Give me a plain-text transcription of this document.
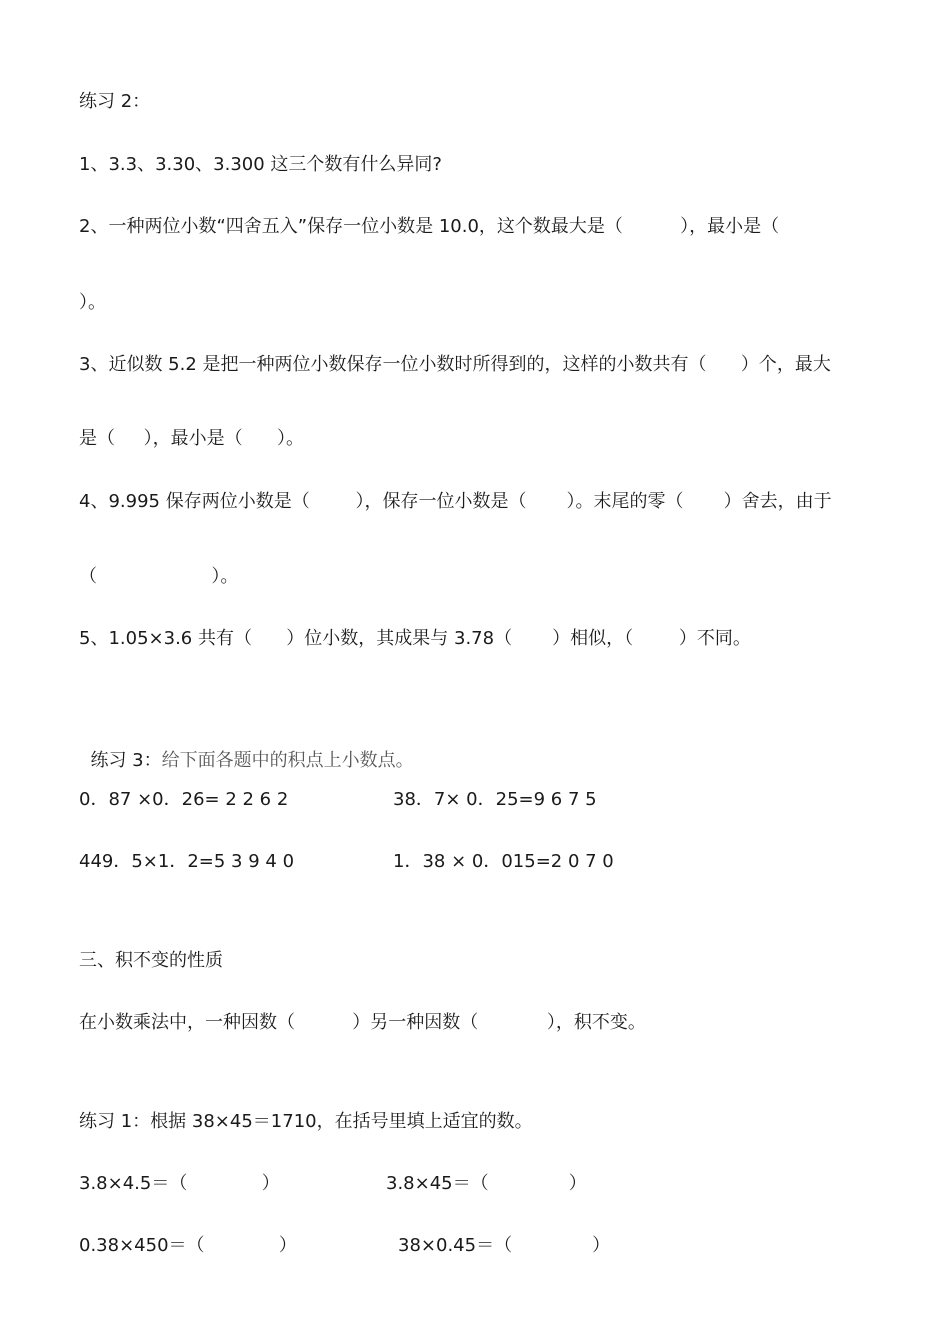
练习 2：
1、3.3、3.30、3.300 这三个数有什么异同?
2、一种两位小数“四舍五入”保存一位小数是 10.0，这个数最大是（          ），最小是（
）。
3、近似数 5.2 是把一种两位小数保存一位小数时所得到的，这样的小数共有（      ）个，最大
是（     ），最小是（      ）。
4、9.995 保存两位小数是（        ），保存一位小数是（       ）。末尾的零（       ）舍去，由于
（                    ）。
5、1.05×3.6 共有（      ）位小数，其成果与 3.78（       ）相似，（        ）不同。

练习 3：给下面各题中的积点上小数点。

0．87 ×0．26= 2 2 6 2	38．7× 0．25=9 6 7 5
449．5×1．2=5 3 9 4 0	1．38 × 0．015=2 0 7 0
三、积不变的性质
在小数乘法中，一种因数（          ）另一种因数（            ），积不变。
练习 1：根据 38×45＝1710，在括号里填上适宜的数。
3.8×4.5＝（             ）	3.8×45＝（              ）
0.38×450＝（             ）	38×0.45＝（              ）
